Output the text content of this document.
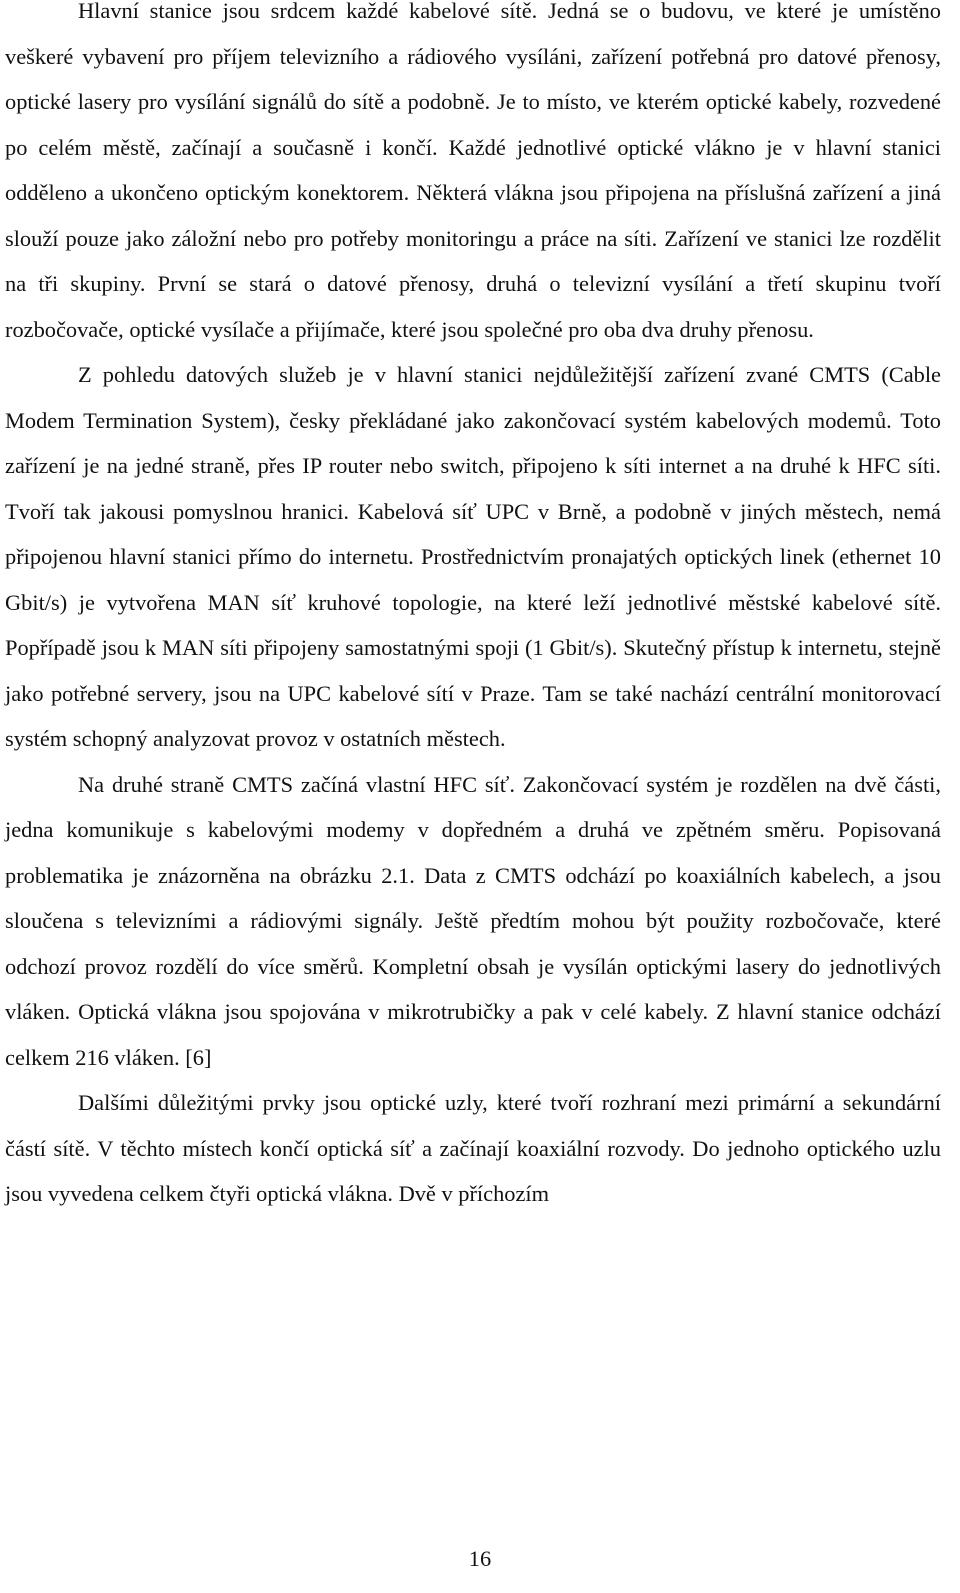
Hlavní stanice jsou srdcem každé kabelové sítě. Jedná se o budovu, ve které je umístěno veškeré vybavení pro příjem televizního a rádiového vysíláni, zařízení potřebná pro datové přenosy, optické lasery pro vysílání signálů do sítě a podobně. Je to místo, ve kterém optické kabely, rozvedené po celém městě, začínají a současně i končí. Každé jednotlivé optické vlákno je v hlavní stanici odděleno a ukončeno optickým konektorem. Některá vlákna jsou připojena na příslušná zařízení a jiná slouží pouze jako záložní nebo pro potřeby monitoringu a práce na síti. Zařízení ve stanici lze rozdělit na tři skupiny. První se stará o datové přenosy, druhá o televizní vysílání a třetí skupinu tvoří rozbočovače, optické vysílače a přijímače, které jsou společné pro oba dva druhy přenosu.

Z pohledu datových služeb je v hlavní stanici nejdůležitější zařízení zvané CMTS (Cable Modem Termination System), česky překládané jako zakončovací systém kabelových modemů. Toto zařízení je na jedné straně, přes IP router nebo switch, připojeno k síti internet a na druhé k HFC síti. Tvoří tak jakousi pomyslnou hranici. Kabelová síť UPC v Brně, a podobně v jiných městech, nemá připojenou hlavní stanici přímo do internetu. Prostřednictvím pronajatých optických linek (ethernet 10 Gbit/s) je vytvořena MAN síť kruhové topologie, na které leží jednotlivé městské kabelové sítě. Popřípadě jsou k MAN síti připojeny samostatnými spoji (1 Gbit/s). Skutečný přístup k internetu, stejně jako potřebné servery, jsou na UPC kabelové sítí v Praze. Tam se také nachází centrální monitorovací systém schopný analyzovat provoz v ostatních městech.

Na druhé straně CMTS začíná vlastní HFC síť. Zakončovací systém je rozdělen na dvě části, jedna komunikuje s kabelovými modemy v dopředném a druhá ve zpětném směru. Popisovaná problematika je znázorněna na obrázku 2.1. Data z CMTS odchází po koaxiálních kabelech, a jsou sloučena s televizními a rádiovými signály. Ještě předtím mohou být použity rozbočovače, které odchozí provoz rozdělí do více směrů. Kompletní obsah je vysílán optickými lasery do jednotlivých vláken. Optická vlákna jsou spojována v mikrotrubičky a pak v celé kabely. Z hlavní stanice odchází celkem 216 vláken. [6]

Dalšími důležitými prvky jsou optické uzly, které tvoří rozhraní mezi primární a sekundární částí sítě. V těchto místech končí optická síť a začínají koaxiální rozvody. Do jednoho optického uzlu jsou vyvedena celkem čtyři optická vlákna. Dvě v příchozím

16
